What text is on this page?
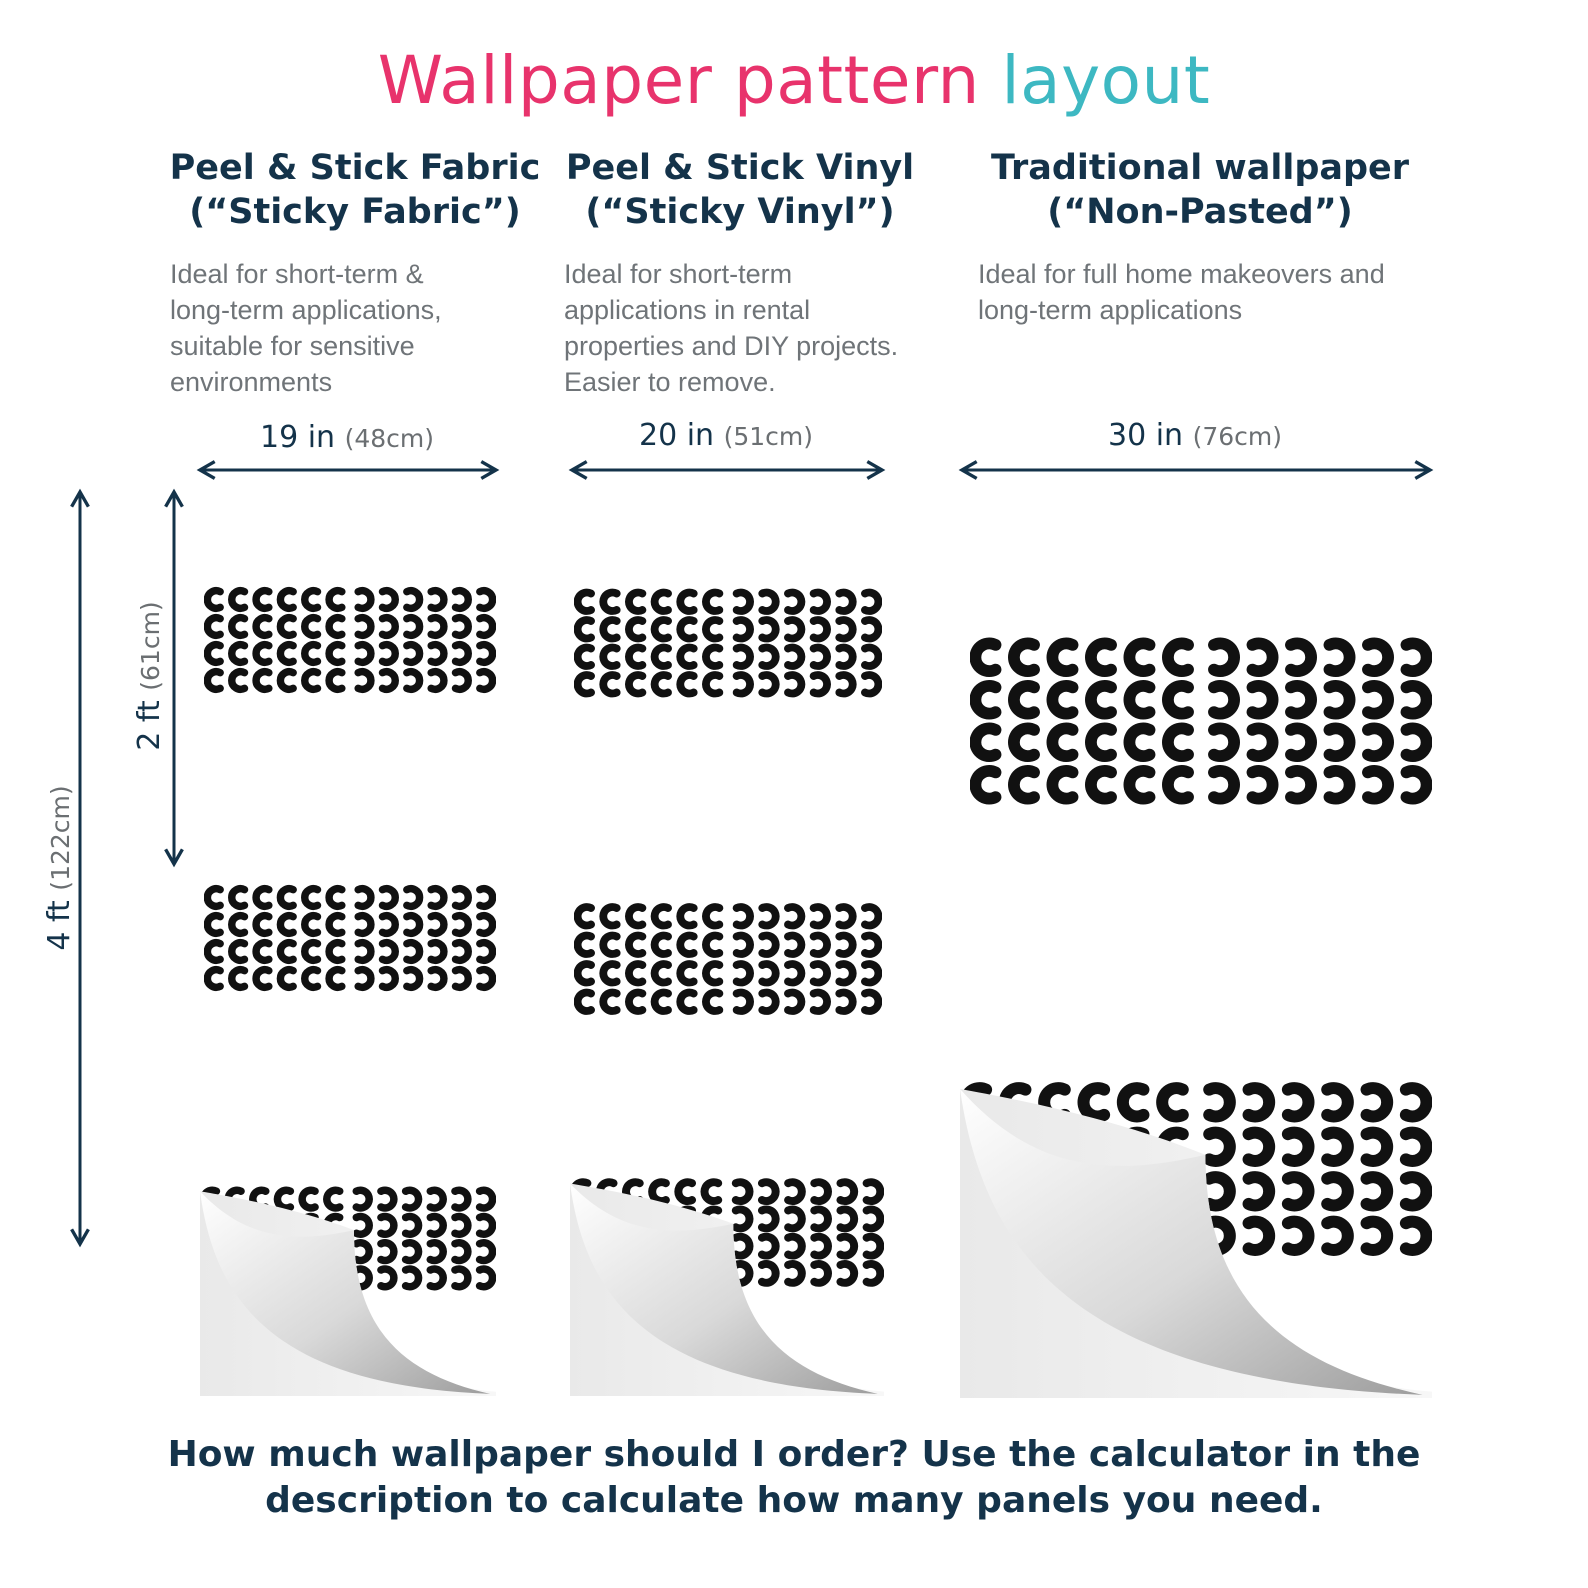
Wallpaper pattern layout
Peel & Stick Fabric
(“Sticky Fabric”)
Peel & Stick Vinyl
(“Sticky Vinyl”)
Traditional wallpaper
(“Non-Pasted”)
Ideal for short-term &
long-term applications,
suitable for sensitive
environments
Ideal for short-term
applications in rental
properties and DIY projects.
Easier to remove.
Ideal for full home makeovers and
long-term applications
19 in (48cm)	20 in (51cm)	30 in (76cm)
4 ft (122cm)
2 ft (61cm)
How much wallpaper should I order? Use the calculator in the
description to calculate how many panels you need.
